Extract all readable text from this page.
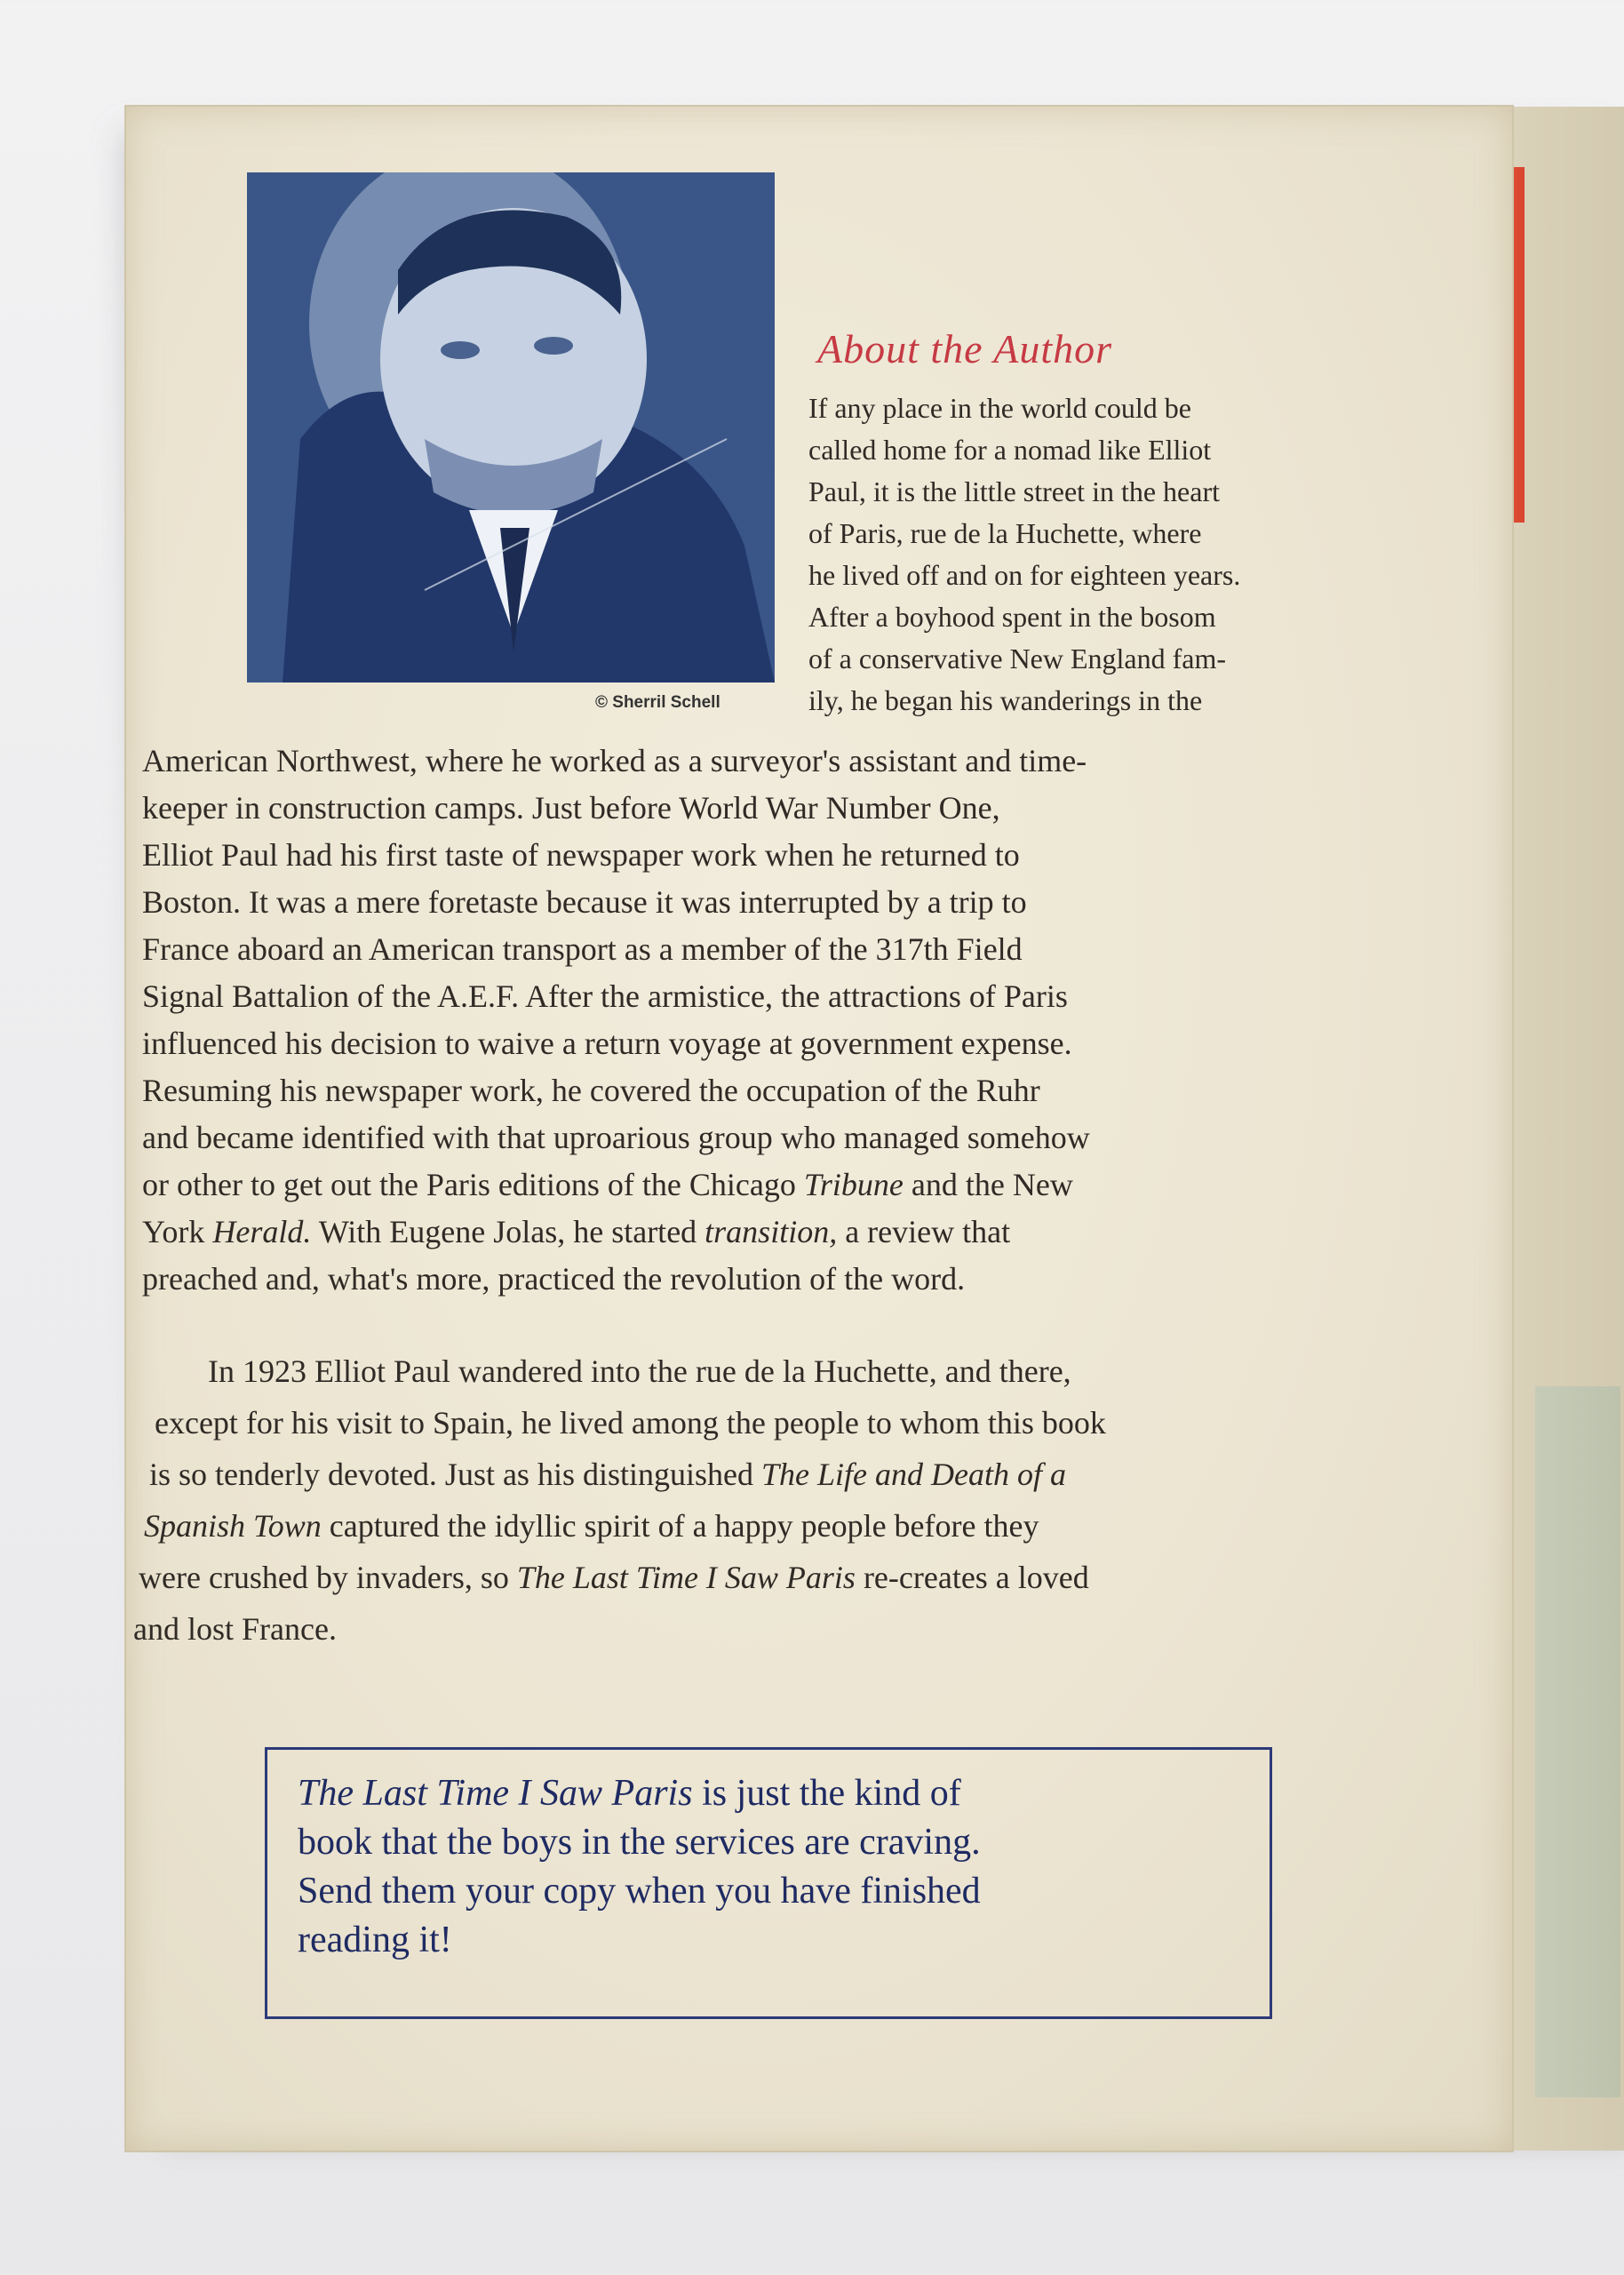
© Sherril Schell
About the Author

If any place in the world could be
called home for a nomad like Elliot
Paul, it is the little street in the heart
of Paris, rue de la Huchette, where
he lived off and on for eighteen years.
After a boyhood spent in the bosom
of a conservative New England fam-
ily, he began his wanderings in the

American Northwest, where he worked as a surveyor's assistant and time-
keeper in construction camps. Just before World War Number One,
Elliot Paul had his first taste of newspaper work when he returned to
Boston. It was a mere foretaste because it was interrupted by a trip to
France aboard an American transport as a member of the 317th Field
Signal Battalion of the A.E.F. After the armistice, the attractions of Paris
influenced his decision to waive a return voyage at government expense.
Resuming his newspaper work, he covered the occupation of the Ruhr
and became identified with that uproarious group who managed somehow
or other to get out the Paris editions of the Chicago Tribune and the New
York Herald. With Eugene Jolas, he started transition, a review that
preached and, what's more, practiced the revolution of the word.

In 1923 Elliot Paul wandered into the rue de la Huchette, and there,
except for his visit to Spain, he lived among the people to whom this book
is so tenderly devoted. Just as his distinguished The Life and Death of a
Spanish Town captured the idyllic spirit of a happy people before they
were crushed by invaders, so The Last Time I Saw Paris re-creates a loved
and lost France.

The Last Time I Saw Paris is just the kind of
book that the boys in the services are craving.
Send them your copy when you have finished
reading it!
